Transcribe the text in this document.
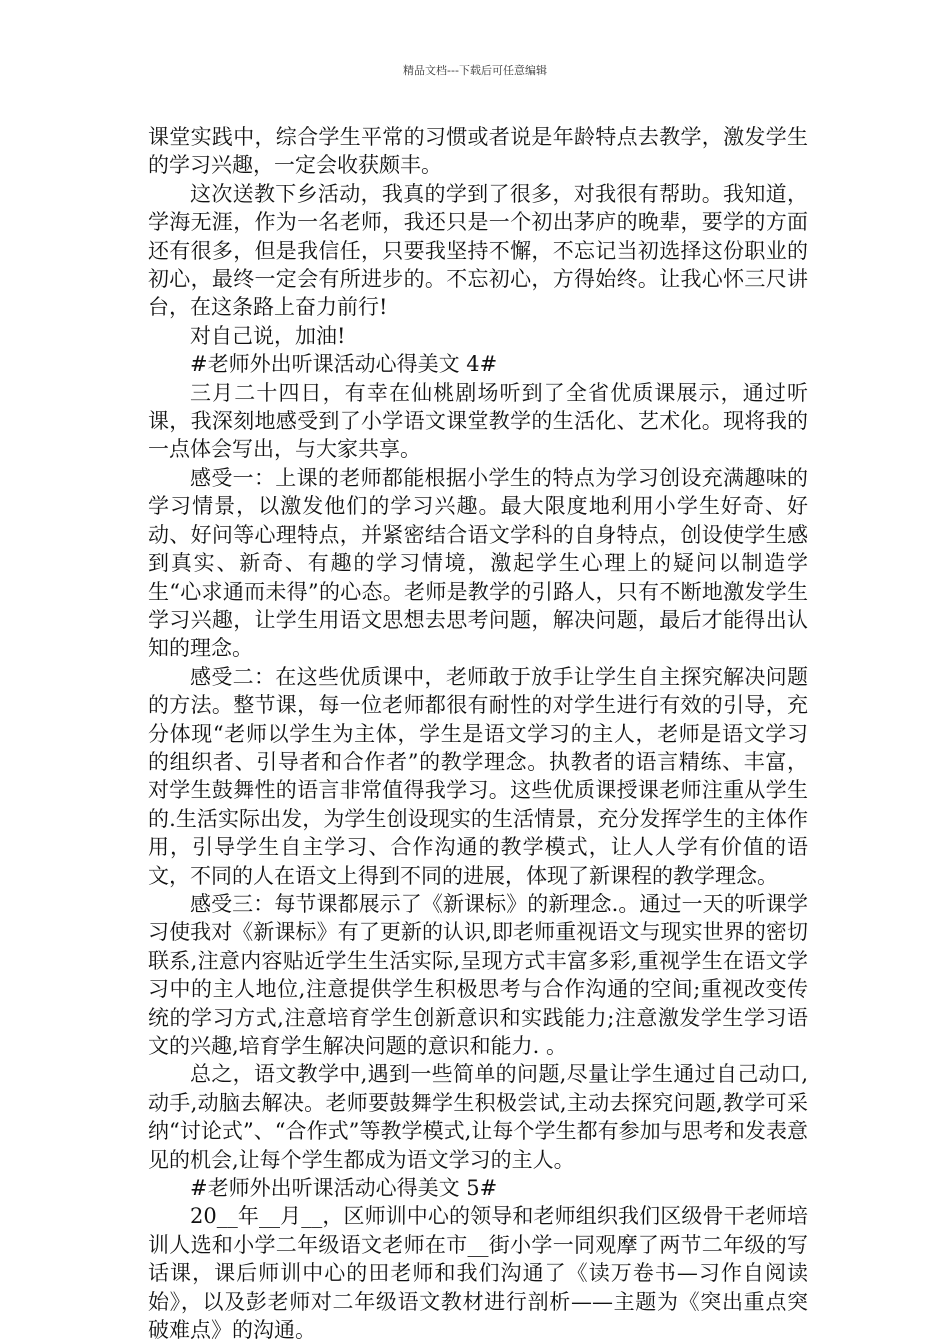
精品文档---下载后可任意编辑

课堂实践中，综合学生平常的习惯或者说是年龄特点去教学，激发学生的学习兴趣，一定会收获颇丰。

这次送教下乡活动，我真的学到了很多，对我很有帮助。我知道，学海无涯，作为一名老师，我还只是一个初出茅庐的晚辈，要学的方面还有很多，但是我信任，只要我坚持不懈，不忘记当初选择这份职业的初心，最终一定会有所进步的。不忘初心，方得始终。让我心怀三尺讲台，在这条路上奋力前行!

对自己说，加油!

#老师外出听课活动心得美文 4#

三月二十四日，有幸在仙桃剧场听到了全省优质课展示，通过听课，我深刻地感受到了小学语文课堂教学的生活化、艺术化。现将我的一点体会写出，与大家共享。

感受一：上课的老师都能根据小学生的特点为学习创设充满趣味的学习情景，以激发他们的学习兴趣。最大限度地利用小学生好奇、好动、好问等心理特点，并紧密结合语文学科的自身特点，创设使学生感到真实、新奇、有趣的学习情境，激起学生心理上的疑问以制造学生“心求通而未得”的心态。老师是教学的引路人，只有不断地激发学生学习兴趣，让学生用语文思想去思考问题，解决问题，最后才能得出认知的理念。

感受二：在这些优质课中，老师敢于放手让学生自主探究解决问题的方法。整节课，每一位老师都很有耐性的对学生进行有效的引导，充分体现“老师以学生为主体，学生是语文学习的主人，老师是语文学习的组织者、引导者和合作者”的教学理念。执教者的语言精练、丰富，对学生鼓舞性的语言非常值得我学习。这些优质课授课老师注重从学生的.生活实际出发，为学生创设现实的生活情景，充分发挥学生的主体作用，引导学生自主学习、合作沟通的教学模式，让人人学有价值的语文，不同的人在语文上得到不同的进展，体现了新课程的教学理念。

感受三：每节课都展示了《新课标》的新理念.。通过一天的听课学习使我对《新课标》有了更新的认识,即老师重视语文与现实世界的密切联系,注意内容贴近学生生活实际,呈现方式丰富多彩,重视学生在语文学习中的主人地位,注意提供学生积极思考与合作沟通的空间;重视改变传统的学习方式,注意培育学生创新意识和实践能力;注意激发学生学习语文的兴趣,培育学生解决问题的意识和能力. 。

总之，语文教学中,遇到一些简单的问题,尽量让学生通过自己动口,动手,动脑去解决。老师要鼓舞学生积极尝试,主动去探究问题,教学可采纳“讨论式”、“合作式”等教学模式,让每个学生都有参加与思考和发表意见的机会,让每个学生都成为语文学习的主人。

#老师外出听课活动心得美文 5#

20__年__月__，区师训中心的领导和老师组织我们区级骨干老师培训人选和小学二年级语文老师在市__街小学一同观摩了两节二年级的写话课，课后师训中心的田老师和我们沟通了《读万卷书—习作自阅读始》，以及彭老师对二年级语文教材进行剖析——主题为《突出重点突破难点》的沟通。
